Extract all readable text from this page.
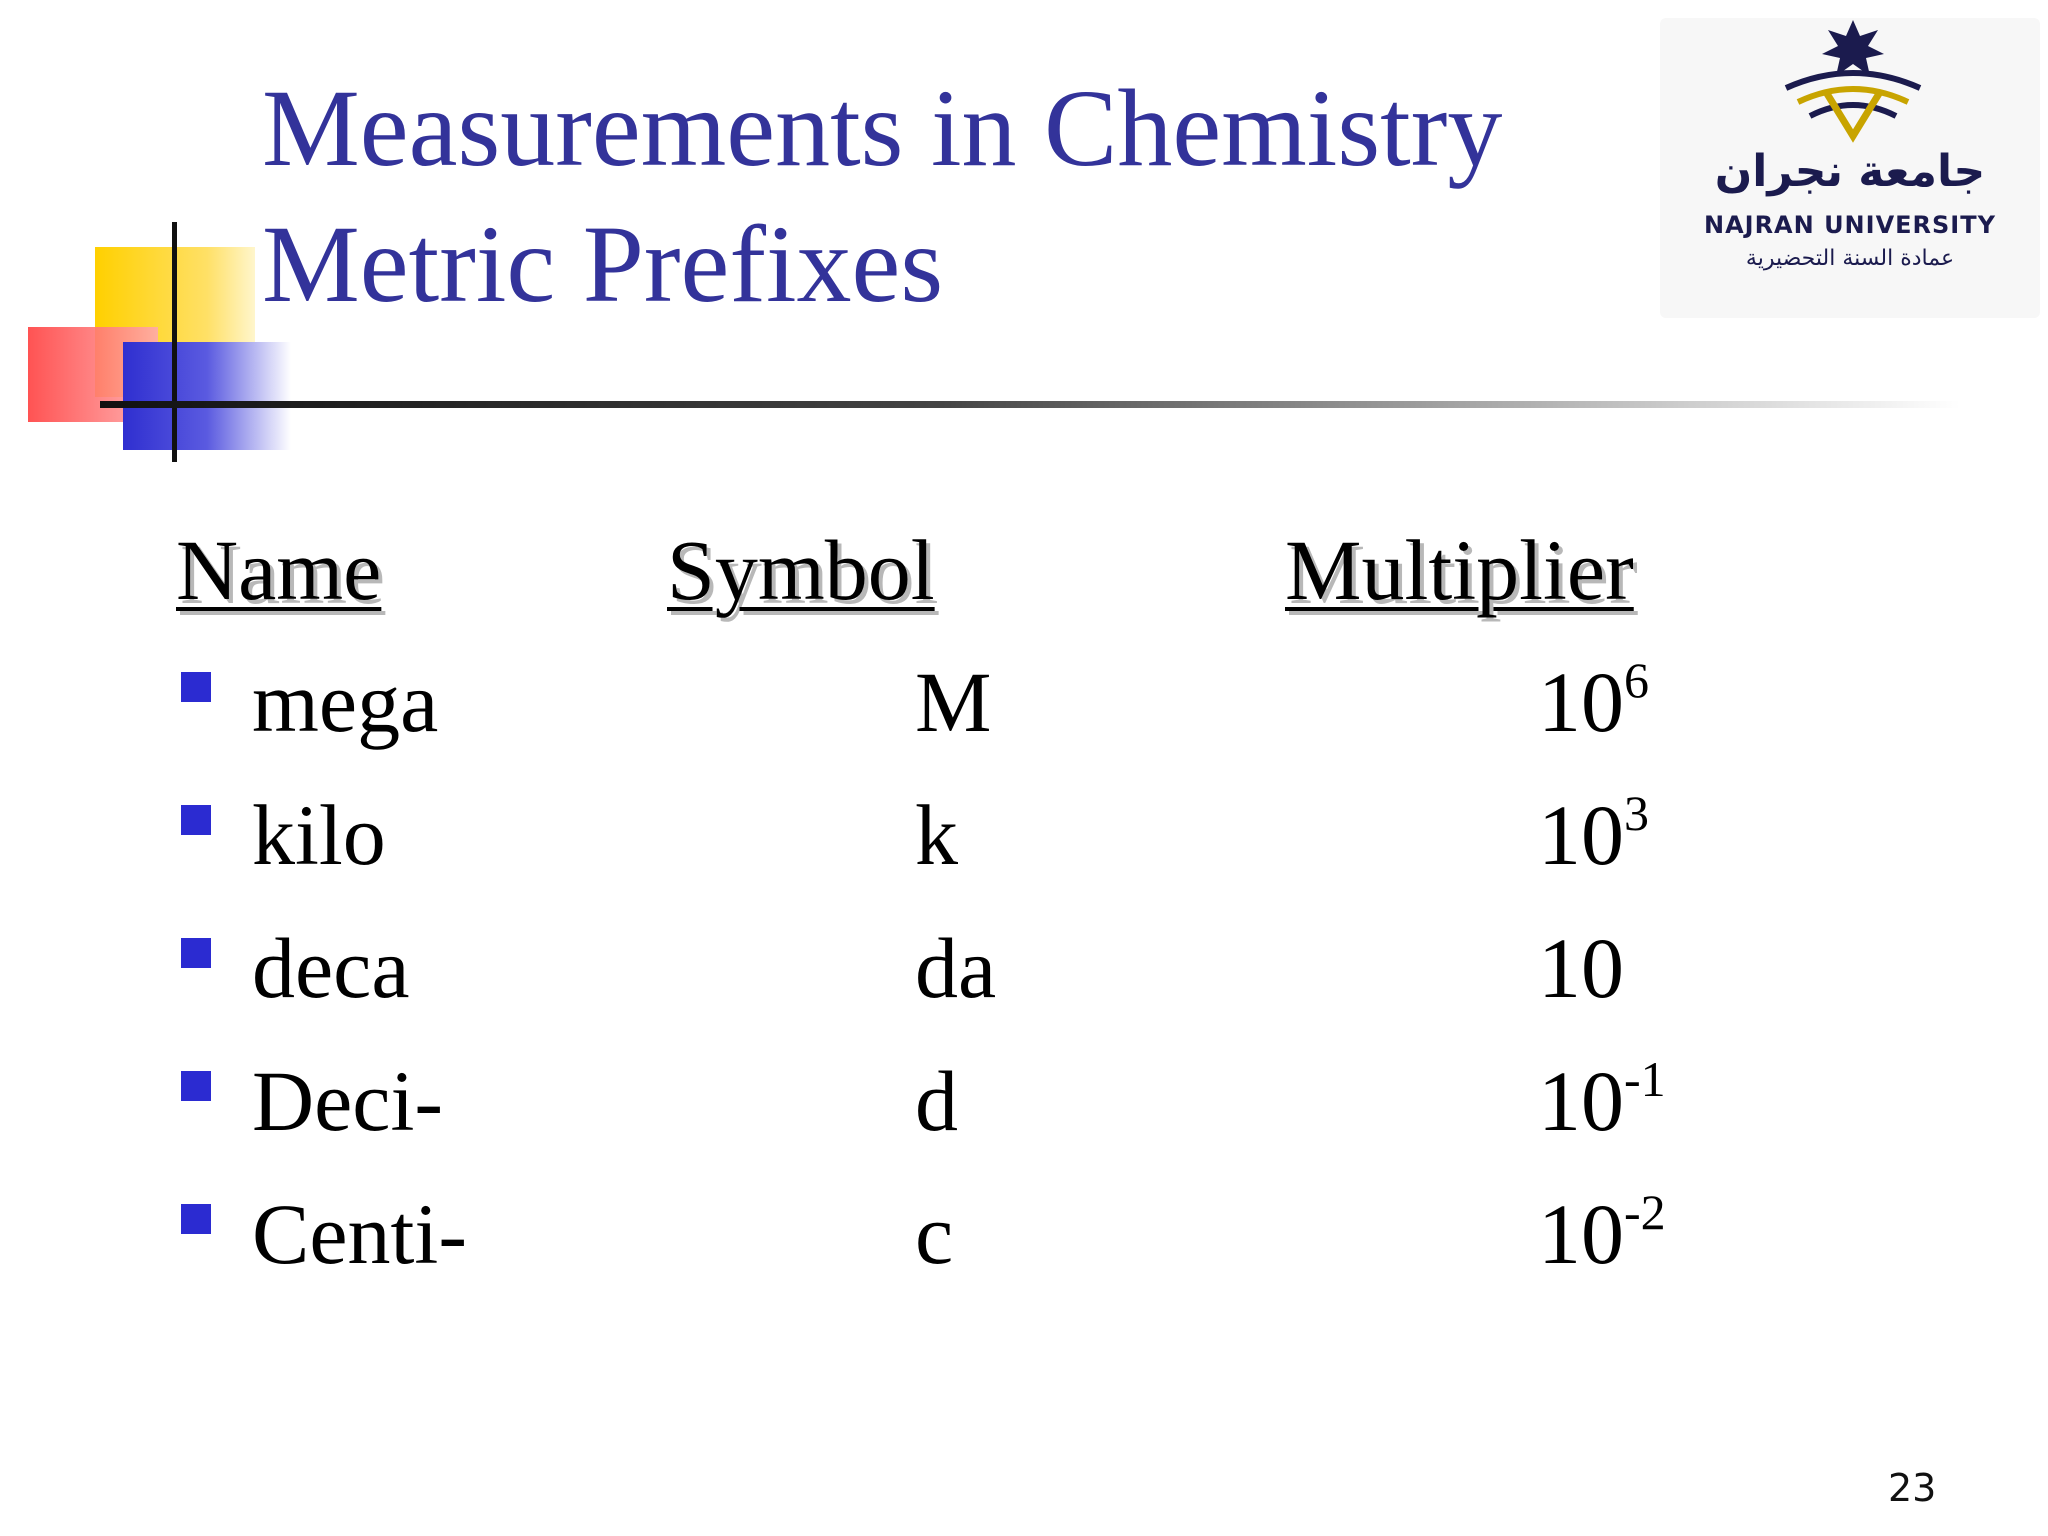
Measurements in Chemistry
Metric Prefixes
جامعة نجران
NAJRAN UNIVERSITY
عمادة السنة التحضيرية
Name	Symbol	Multiplier
mega	M	$10^6$
kilo	k	$10^3$
deca	da	10
Deci-	d	$10^{-1}$
Centi-	c	$10^{-2}$
23
